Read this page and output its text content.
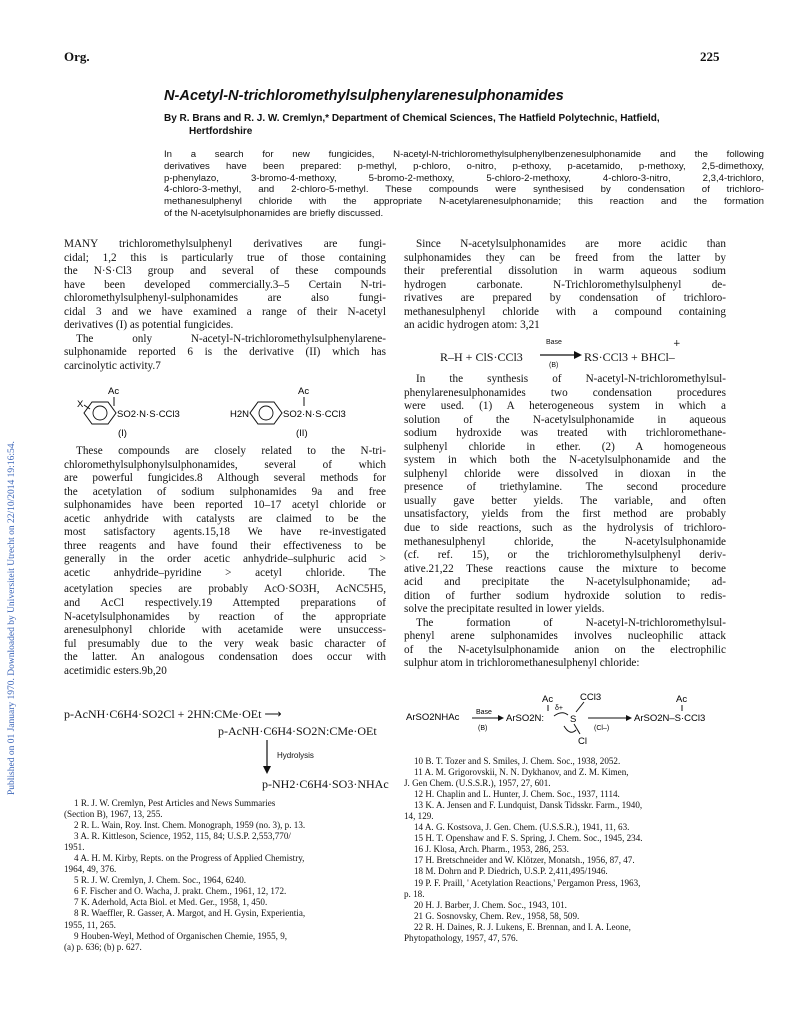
Published on 01 January 1970. Downloaded by Universiteit Utrecht on 22/10/2014 19:16:54.
Org.	225
N-Acetyl-N-trichloromethylsulphenylarenesulphonamides
By R. Brans and R. J. W. Cremlyn,* Department of Chemical Sciences, The Hatfield Polytechnic, Hatfield,
Hertfordshire
In a search for new fungicides, N-acetyl-N-trichloromethylsulphenylbenzenesulphonamide and the following
derivatives have been prepared: p-methyl, p-chloro, o-nitro, p-ethoxy, p-acetamido, p-methoxy, 2,5-dimethoxy,
p-phenylazo, 3-bromo-4-methoxy, 5-bromo-2-methoxy, 5-chloro-2-methoxy, 4-chloro-3-nitro, 2,3,4-trichloro,
4-chloro-3-methyl, and 2-chloro-5-methyl. These compounds were synthesised by condensation of trichloro-
methanesulphenyl chloride with the appropriate N-acetylarenesulphonamide; this reaction and the formation
of the N-acetylsulphonamides are briefly discussed.
MANY trichloromethylsulphenyl derivatives are fungi-
cidal; 1,2 this is particularly true of those containing
the N·S·Cl3 group and several of these compounds
have been developed commercially.3–5 Certain N-tri-
chloromethylsulphenyl-sulphonamides are also fungi-
cidal 3 and we have examined a range of their N-acetyl
derivatives (I) as potential fungicides.
The only N-acetyl-N-trichloromethylsulphenylarene-
sulphonamide reported 6 is the derivative (II) which has
carcinolytic activity.7
Ac
X
SO2·N·S·CCl3
(I)
Ac
H2N	SO2·N·S·CCl3
(II)
These compounds are closely related to the N-tri-
chloromethylsulphonylsulphonamides, several of which
are powerful fungicides.8 Although several methods for
the acetylation of sodium sulphonamides 9a and free
sulphonamides have been reported 10–17 acetyl chloride or
acetic anhydride with catalysts are claimed to be the
most satisfactory agents.15,18 We have re-investigated
three reagents and have found their effectiveness to be
generally in the order acetic anhydride–sulphuric acid >
acetic anhydride–pyridine > acetyl chloride. The
acetylation species are probably AcO·SO3H, AcNC5H5,
and AcCl respectively.19 Attempted preparations of
N-acetylsulphonamides by reaction of the appropriate
arenesulphonyl chloride with acetamide were unsuccess-
ful presumably due to the very weak basic character of
the latter. An analogous condensation does occur with
acetimidic esters.9b,20
p-AcNH·C6H4·SO2Cl + 2HN:CMe·OEt ⟶
p-AcNH·C6H4·SO2N:CMe·OEt
Hydrolysis
p-NH2·C6H4·SO3·NHAc
1 R. J. W. Cremlyn, Pest Articles and News Summaries
(Section B), 1967, 13, 255.
2 R. L. Wain, Roy. Inst. Chem. Monograph, 1959 (no. 3), p. 13.
3 A. R. Kittleson, Science, 1952, 115, 84; U.S.P. 2,553,770/
1951.
4 A. H. M. Kirby, Repts. on the Progress of Applied Chemistry,
1964, 49, 376.
5 R. J. W. Cremlyn, J. Chem. Soc., 1964, 6240.
6 F. Fischer and O. Wacha, J. prakt. Chem., 1961, 12, 172.
7 K. Aderhold, Acta Biol. et Med. Ger., 1958, 1, 450.
8 R. Waeffler, R. Gasser, A. Margot, and H. Gysin, Experientia,
1955, 11, 265.
9 Houben-Weyl, Method of Organischen Chemie, 1955, 9,
(a) p. 636; (b) p. 627.
Since N-acetylsulphonamides are more acidic than
sulphonamides they can be freed from the latter by
their preferential dissolution in warm aqueous sodium
hydrogen carbonate. N-Trichloromethylsulphenyl de-
rivatives are prepared by condensation of trichloro-
methanesulphenyl chloride with a compound containing
an acidic hydrogen atom: 3,21
R–H + ClS·CCl3
Base
(B)
RS·CCl3 + BHCl–
+
In the synthesis of N-acetyl-N-trichloromethylsul-
phenylarenesulphonamides two condensation procedures
were used. (1) A heterogeneous system in which a
solution of the N-acetylsulphonamide in aqueous
sodium hydroxide was treated with trichloromethane-
sulphenyl chloride in ether. (2) A homogeneous
system in which both the N-acetylsulphonamide and the
sulphenyl chloride were dissolved in dioxan in the
presence of triethylamine. The second procedure
usually gave better yields. The variable, and often
unsatisfactory, yields from the first method are probably
due to side reactions, such as the hydrolysis of trichloro-
methanesulphenyl chloride, the N-acetylsulphonamide
(cf. ref. 15), or the trichloromethylsulphenyl deriv-
ative.21,22 These reactions cause the mixture to become
acid and precipitate the N-acetylsulphonamide; ad-
dition of further sodium hydroxide solution to redis-
solve the precipitate resulted in lower yields.
The formation of N-acetyl-N-trichloromethylsul-
phenyl arene sulphonamides involves nucleophilic attack
of the N-acetylsulphonamide anion on the electrophilic
sulphur atom in trichloromethanesulphenyl chloride:
ArSO2NHAc Base
(B)
Ac
ArSO2N:
δ+
S
CCl3
Cl
(Cl–)
Ac
ArSO2N–S·CCl3
10 B. T. Tozer and S. Smiles, J. Chem. Soc., 1938, 2052.
11 A. M. Grigorovskii, N. N. Dykhanov, and Z. M. Kimen,
J. Gen Chem. (U.S.S.R.), 1957, 27, 601.
12 H. Chaplin and L. Hunter, J. Chem. Soc., 1937, 1114.
13 K. A. Jensen and F. Lundquist, Dansk Tidsskr. Farm., 1940,
14, 129.
14 A. G. Kostsova, J. Gen. Chem. (U.S.S.R.), 1941, 11, 63.
15 H. T. Openshaw and F. S. Spring, J. Chem. Soc., 1945, 234.
16 J. Klosa, Arch. Pharm., 1953, 286, 253.
17 H. Bretschneider and W. Klötzer, Monatsh., 1956, 87, 47.
18 M. Dohrn and P. Diedrich, U.S.P. 2,411,495/1946.
19 P. F. Praill, ' Acetylation Reactions,' Pergamon Press, 1963,
p. 18.
20 H. J. Barber, J. Chem. Soc., 1943, 101.
21 G. Sosnovsky, Chem. Rev., 1958, 58, 509.
22 R. H. Daines, R. J. Lukens, E. Brennan, and I. A. Leone,
Phytopathology, 1957, 47, 576.
